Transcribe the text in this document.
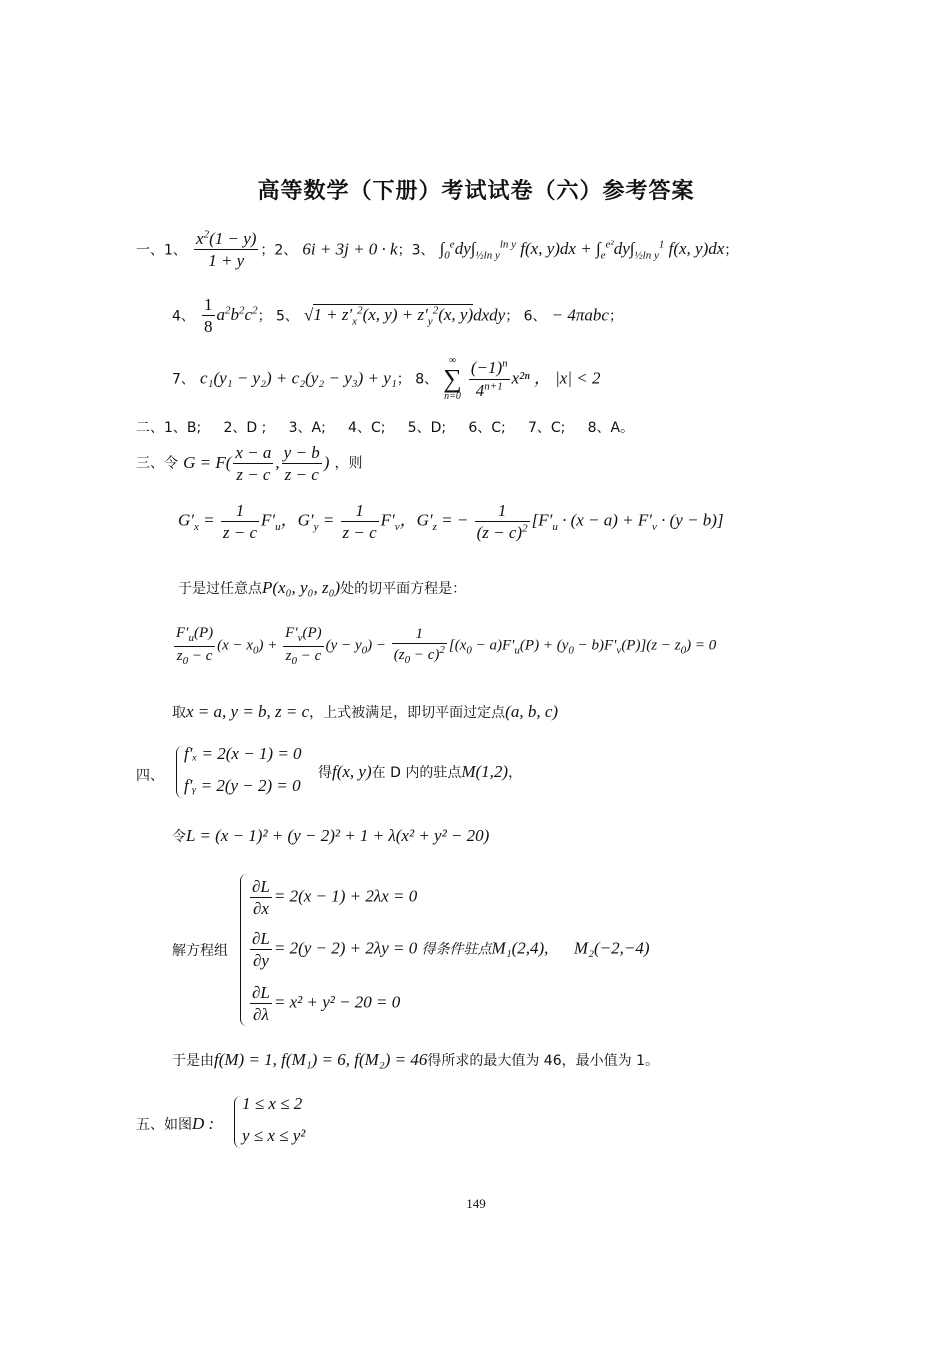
高等数学（下册）考试试卷（六）参考答案
一、1、 $\frac{x^2(1 - y)}{1 + y}$ ；2、 6i + 3j + 0 · k；3、 $\int_0^edy\int_{\frac{1}{2}ln y}^{ln y}$ f(x, $y)dx + \int_e^{e^2}dy\int_{\frac{1}{2}ln y}^1$ f(x, y)dx；
4、 $\frac{1}{8} a^2b^2c^2$； 5、 $√1 + z'_x^2(x$, $y) + z'_y^2(x$, y)dxdy； 6、 − 4πabc；
7、 c₁(y₁ − y₂) + c₂(y₂ − y₃) + y₁； 8、
∞
∑
n=0
$\frac{(-1)^n}{4^{n+1}} x^{2n}$ ， |x| < 2
二、1、B;     2、D ;     3、A;     4、C;     5、D;     6、C;     7、C;     8、A。
三、令 $G = F( \frac{x - a}{z - c}$ , $\frac{y - b}{z - c}$ ) ，则
$G'_x = \frac{1}{z - c} F'_u$，$G'_y = \frac{1}{z - c} F'_v$，$G'_z$ = − $\frac{1}{(z - c)^2} [F'_u \cdot (x - a) + F'_v \cdot (y - b)]$
于是过任意点P(x₀, y₀, z₀)处的切平面方程是：
$\frac{F'_u(P)}{z_0 - c} (x - x_0) + \frac{F'_v(P)}{z_0 - c} (y - y_0) - \frac{1}{(z_0 - c)^2} [(x_0 - a)F'_u(P) + (y_0 - b)F'_v(P)](z - z_0) = 0$
取x = a, y = b, z = c，上式被满足，即切平面过定点(a, b, c)
四、
f′ₓ = 2(x − 1) = 0
f′ᵧ = 2(y − 2) = 0
得f(x, y)在 D 内的驻点M(1,2)，
令L = (x − 1)² + (y − 2)² + 1 + λ(x² + y² − 20)
解方程组
$\frac{\partial L}{\partial x} = 2(x - 1) + 2\lambda x = 0$
$\frac{\partial L}{\partial y} = 2(y - 2) + 2\lambda y = 0$ 得条件驻点M₁(2,4),      M₂(−2,−4)
$\frac{\partial L}{\partial\lambda} = x^2 + y^2 - 20 = 0$
于是由f(M) = 1, f(M₁) = 6, f(M₂) = 46得所求的最大值为 46，最小值为 1。
五、如图D :
1 ≤ x ≤ 2
y ≤ x ≤ y²
149
